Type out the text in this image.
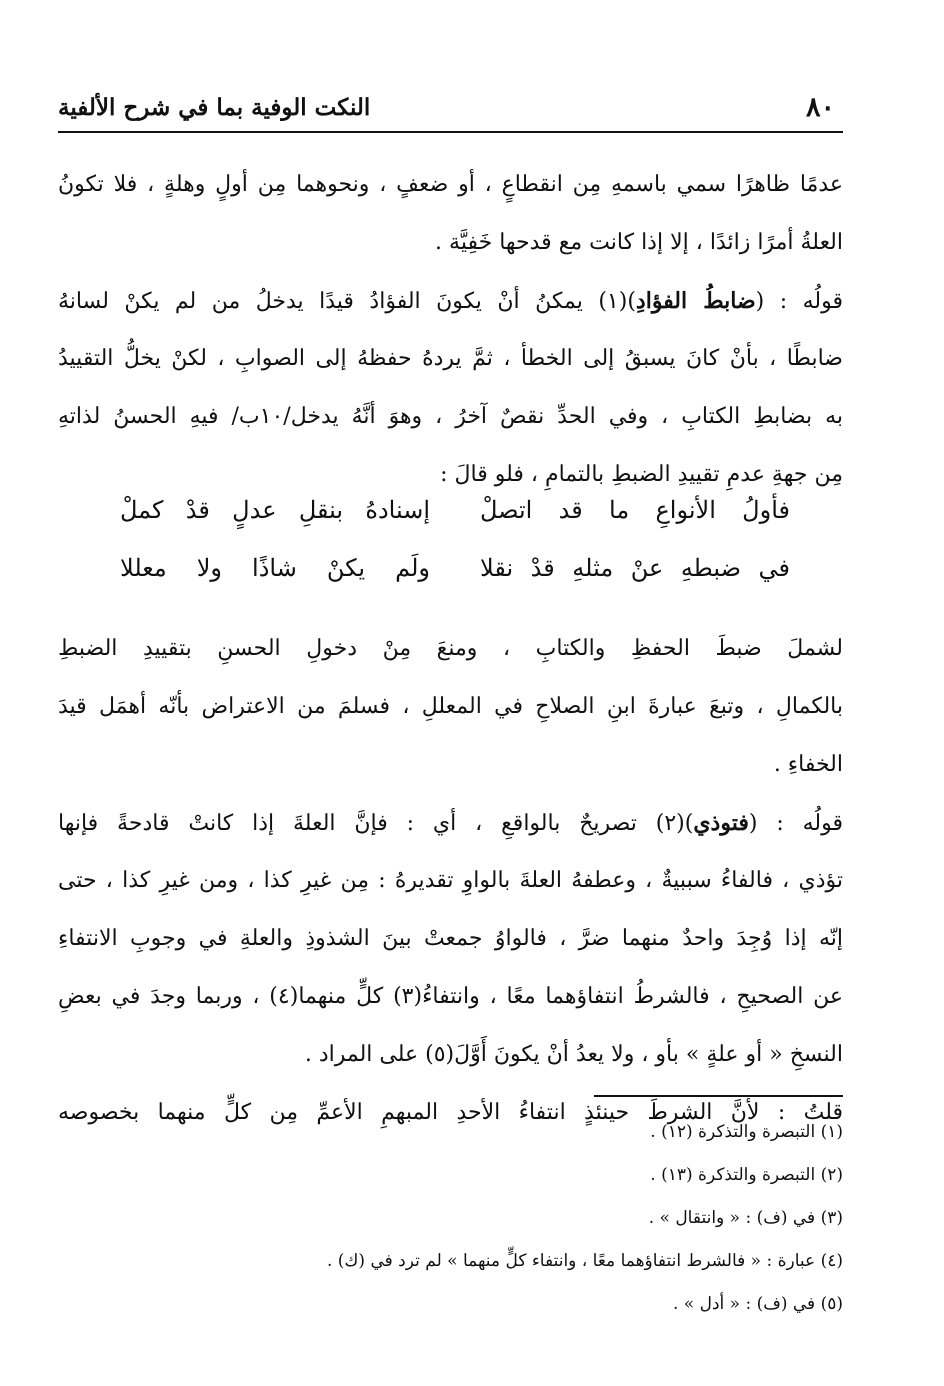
٨٠
النكت الوفية بما في شرح الألفية
عدمًا ظاهرًا سمي باسمهِ مِن انقطاعٍ ، أو ضعفٍ ، ونحوهما مِن أولٍ وهلةٍ ، فلا تكونُ
العلةُ أمرًا زائدًا ، إلا إذا كانت مع قدحها خَفِيَّة .
قولُه : (ضابطُ الفؤادِ)(١) يمكنُ أنْ يكونَ الفؤادُ قيدًا يدخلُ من لم يكنْ لسانهُ
ضابطًا ، بأنْ كانَ يسبقُ إلى الخطأ ، ثمَّ يردهُ حفظهُ إلى الصوابِ ، لكنْ يخلُّ التقييدُ
به بضابطِ الكتابِ ، وفي الحدِّ نقصٌ آخرُ ، وهوَ أنَّهُ يدخل/١٠ب/ فيهِ الحسنُ لذاتهِ
مِن جهةِ عدمِ تقييدِ الضبطِ بالتمامِ ، فلو قالَ :
لشملَ ضبطَ الحفظِ والكتابِ ، ومنعَ مِنْ دخولِ الحسنِ بتقييدِ الضبطِ
بالكمالِ ، وتبعَ عبارةَ ابنِ الصلاحِ في المعللِ ، فسلمَ من الاعتراض بأنّه أهمَل قيدَ
الخفاءِ .
قولُه : (فتوذي)(٢) تصريحٌ بالواقعِ ، أي : فإنَّ العلةَ إذا كانتْ قادحةً فإنها
تؤذي ، فالفاءُ سببيةٌ ، وعطفهُ العلةَ بالواوِ تقديرهُ : مِن غيرِ كذا ، ومن غيرِ كذا ، حتى
إنّه إذا وُجِدَ واحدٌ منهما ضرَّ ، فالواوُ جمعتْ بينَ الشذوذِ والعلةِ في وجوبِ الانتفاءِ
عن الصحيحِ ، فالشرطُ انتفاؤهما معًا ، وانتفاءُ(٣) كلٍّ منهما(٤) ، وربما وجدَ في بعضِ
النسخِ « أو علةٍ » بأو ، ولا يعدُ أنْ يكونَ أَوَّلَ(٥) على المراد .
قلتُ : لأنَّ الشرطَ حينئذٍ انتفاءُ الأحدِ المبهمِ الأعمِّ مِن كلٍّ منهما بخصوصه
فأولُ الأنواعِ ما قد اتصلْ
إسنادهُ بنقلِ عدلٍ قدْ كملْ
في ضبطهِ عنْ مثلهِ قدْ نقلا
ولَم يكنْ شاذًا ولا معللا
(١) التبصرة والتذكرة (١٢) .
(٢) التبصرة والتذكرة (١٣) .
(٣) في (ف) : « وانتقال » .
(٤) عبارة : « فالشرط انتفاؤهما معًا ، وانتفاء كلٍّ منهما » لم ترد في (ك) .
(٥) في (ف) : « أدل » .
